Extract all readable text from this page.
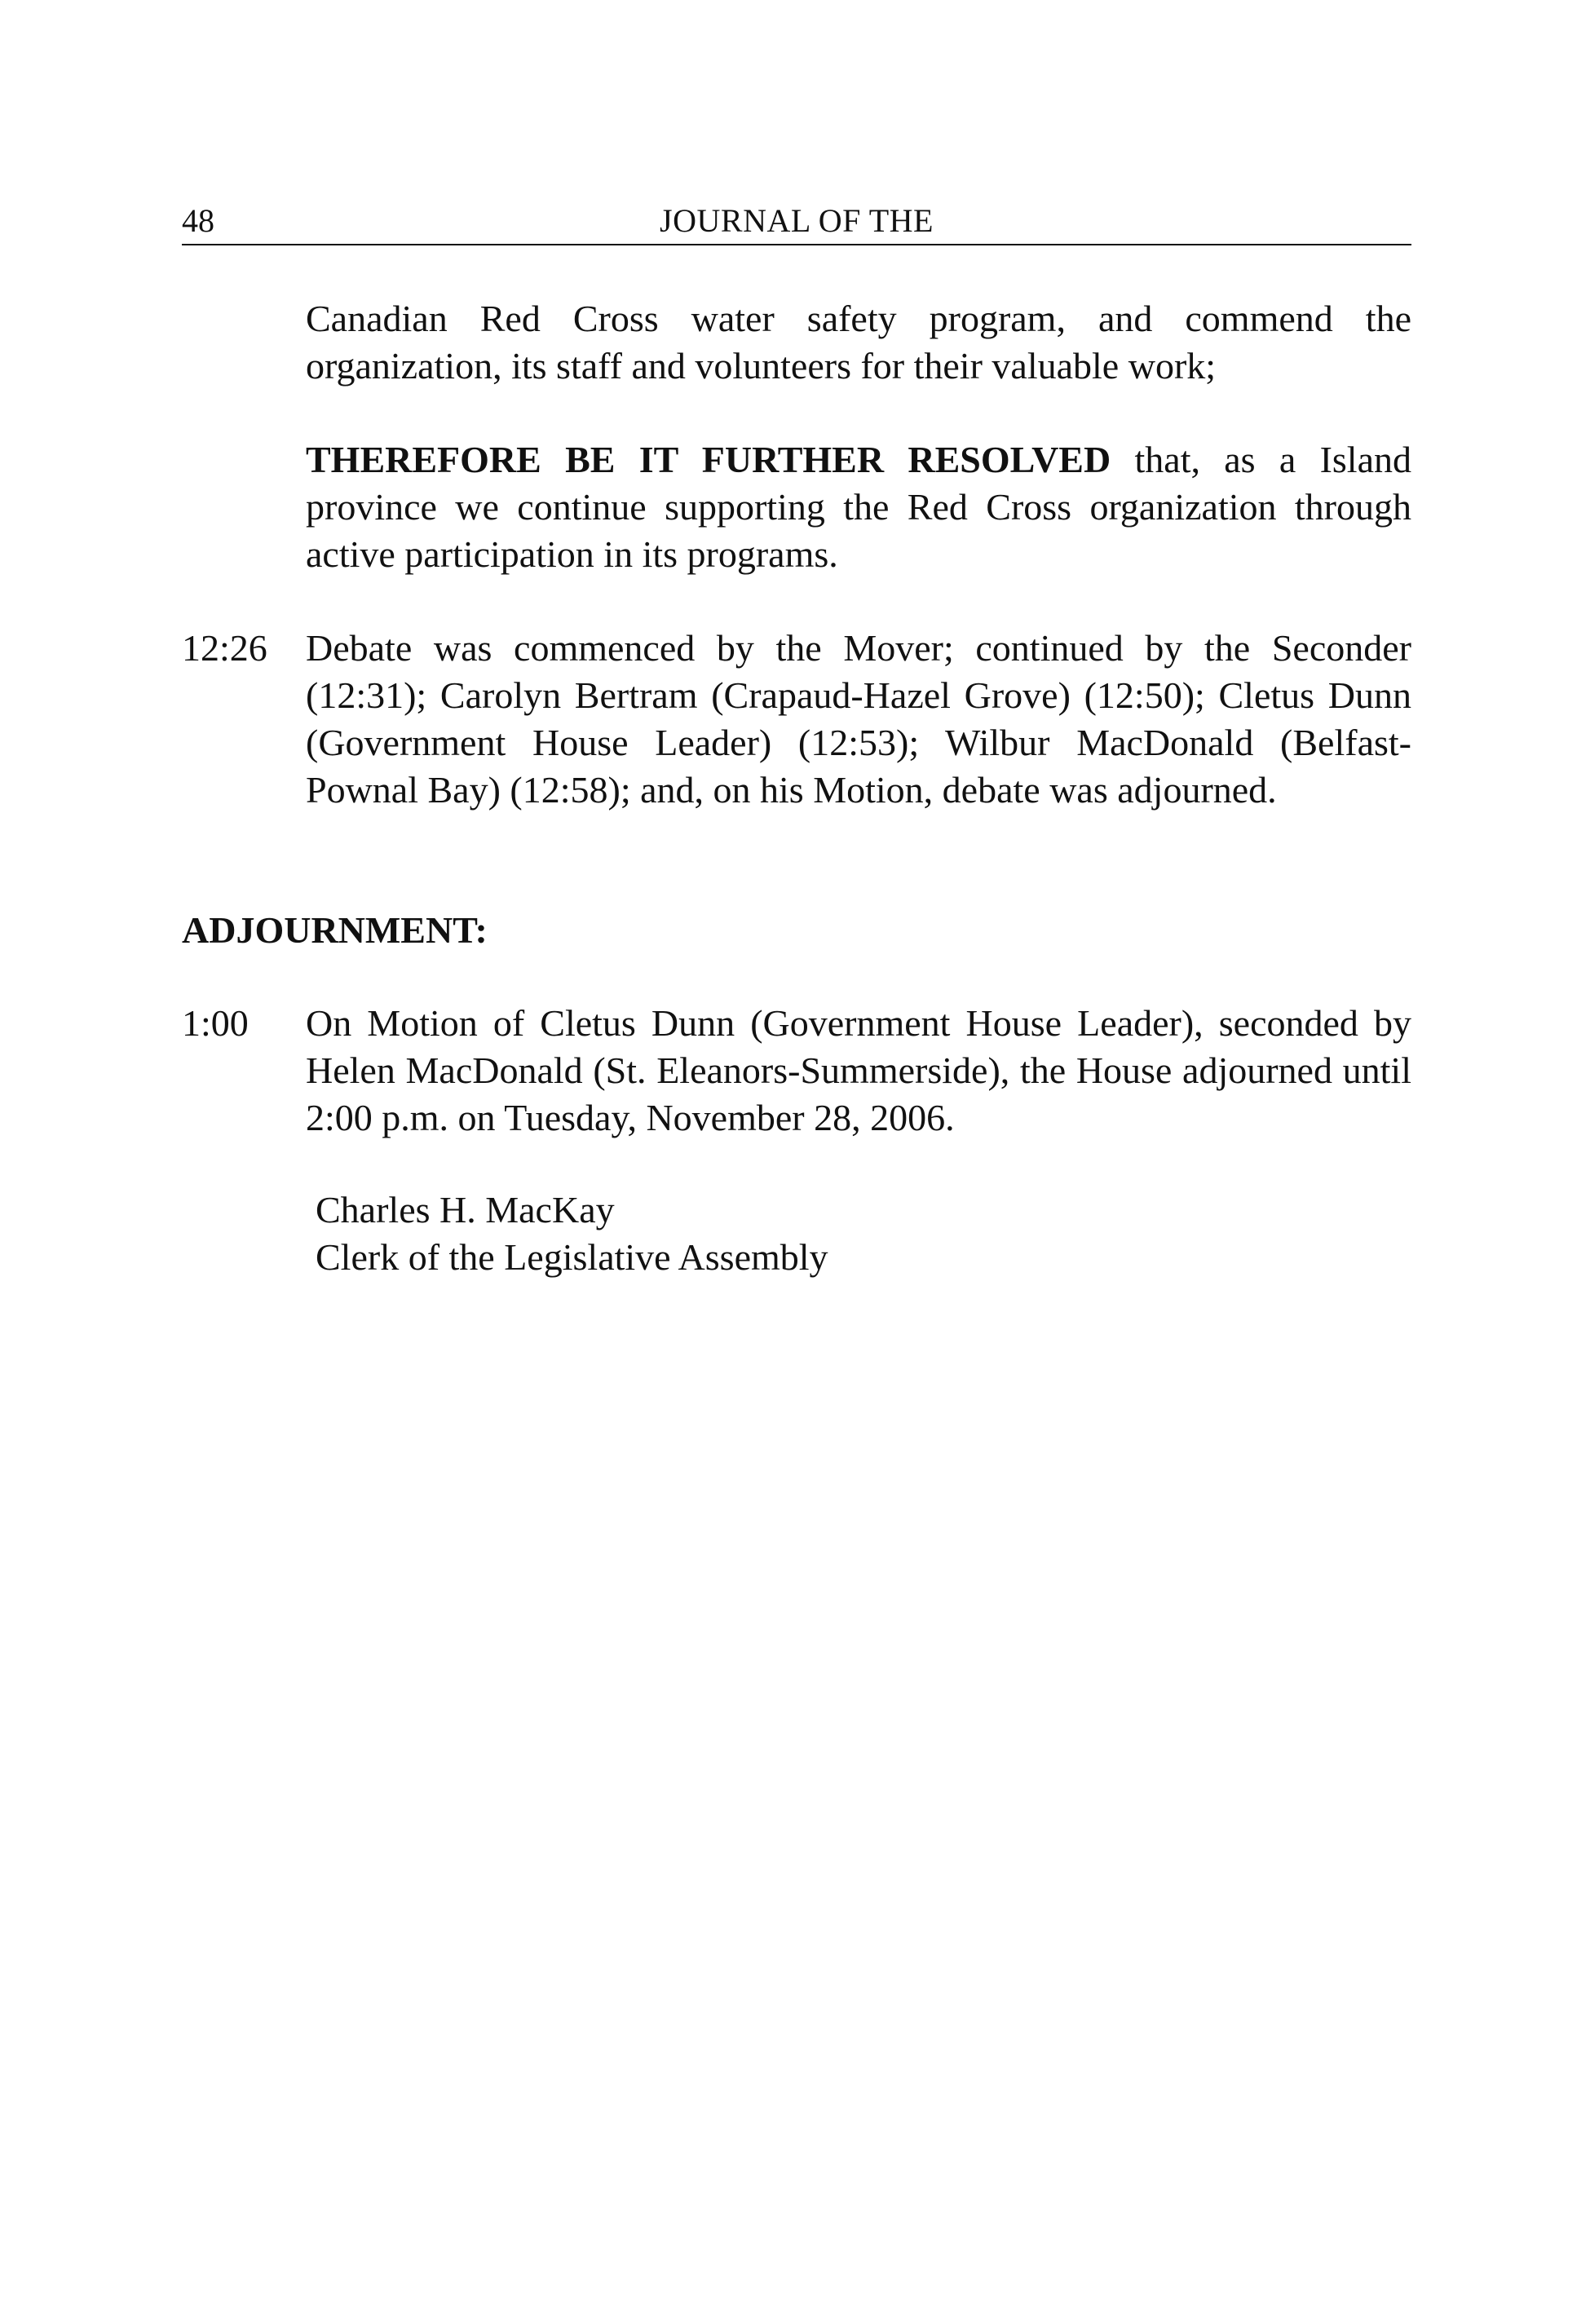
48	JOURNAL OF THE

Canadian Red Cross water safety program, and commend the organization, its staff and volunteers for their valuable work;

THEREFORE BE IT FURTHER RESOLVED that, as a Island province we continue supporting the Red Cross organization through active participation in its programs.

12:26 Debate was commenced by the Mover; continued by the Seconder (12:31); Carolyn Bertram (Crapaud-Hazel Grove) (12:50); Cletus Dunn (Government House Leader) (12:53); Wilbur MacDonald (Belfast-Pownal Bay) (12:58); and, on his Motion, debate was adjourned.
ADJOURNMENT:
1:00 On Motion of Cletus Dunn (Government House Leader), seconded by Helen MacDonald (St. Eleanors-Summerside), the House adjourned until 2:00 p.m. on Tuesday, November 28, 2006.
Charles H. MacKay
Clerk of the Legislative Assembly
